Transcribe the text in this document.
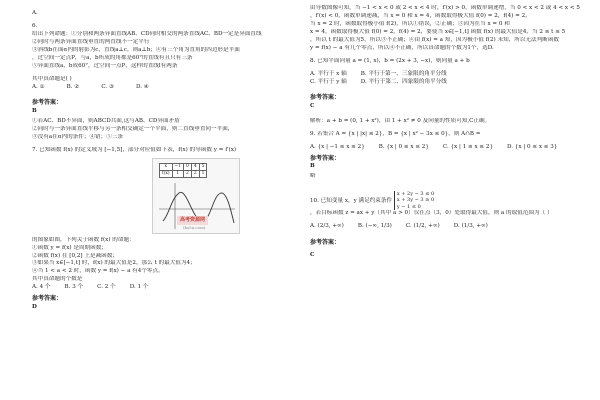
A.
6.
给出下列命题：①分别和两条异面直线AB、CD同时相交的两条直线AC、BD一定是异面直线
②同时与两条异面直线垂直的两直线不一定平行
③斜线b在面α内的射影为c，直线a⊥c，则a⊥b；④有三个角为直角的四边形是平面
，过空间一定点P，与a，b所成的角都是60°的直线有且只有三条
⑤异面直线a，b成60°，过空间一点P，这样的直线l有两条
其中真命题是( )
A. ①	B. ②	C. ③	D. ④
参考答案：
B
①若AC、BD不异面，则ABCD共面,这与AB、CD异面矛盾
②同时与一条异面直线平移与另一条相交确定一个平面，则二直线垂直同一平面，
③没有a在α内的条件；④错；⑤三条
7. 已知函数 f(x) 的定义域为 [−1,5]，部分对应值如下表，f(x) 的导函数 y = f′(x)
x	−1	0	4	5
f(x)	1	2	2	1
高考资源网
(ks5u.com)
的图象如图，下列关于函数 f(x) 的命题：
①函数 y = f(x) 是周期函数；
②函数 f(x) 在 [0,2] 上是减函数；
③如果当 x∈[−1,t] 时，f(x) 的最大值是2，那么 t 的最大值为4；
④当 1 < a < 2 时，函数 y = f(x) − a 有4个零点。
其中真命题的个数是
A. 4 个	B. 3 个	C. 2 个	D. 1 个
参考答案：
D
由导数图像可知，当 −1 < x < 0 或 2 < x < 4 时，f′(x) > 0，函数单调递增，当 0 < x < 2 或 4 < x < 5
，f′(x) < 0，函数单调递减，当 x = 0 和 x = 4，函数取得极大值 f(0) = 2，f(4) = 2，
当 x = 2 时，函数取得极小值 f(2)，所以①错误，②正确；③因为在当 x = 0 和
x = 4，函数取得极大值 f(0) = 2，f(4) = 2，要使当 x∈[−1,t] 函数 f(x) 的最大值是4，当 2 ≤ t ≤ 5
，所以 t 的最大值为5，所以③不正确；④由 f(x) = a 知，因为极小值 f(2) 未知，所以无法判断函数
y = f(x) − a 有几个零点，所以④不正确，所以真命题的个数为1个，选D.
8. 已知平面向量 a = (1, x)，b = (2x + 3, −x)，则向量 a + b
A. 平行于 x 轴	B. 平行于第一、三象限的角平分线
C. 平行于 y 轴	D. 平行于第二、四象限的角平分线
参考答案：
C
解析：a + b = (0, 1 + x²)，由 1 + x² ≠ 0 及向量的性质可知,C正确。
9. 若集合 A = {x | |x| ≤ 2}，B = {x | x² − 3x ≤ 0}，则 A∩B =
A. {x | −1 ≤ x ≤ 2}	B. {x | 0 ≤ x ≤ 2}	C. {x | 1 ≤ x ≤ 2}	D. {x | 0 ≤ x ≤ 3}
参考答案：
B
略
10. 已知变量 x，y 满足约束条件
x + 2y − 3 ≤ 0
x + 3y − 3 ≥ 0
y − 1 ≤ 0
，若目标函数 z = ax + y（其中 a > 0）仅在点（3，0）处取得最大值，则 a 的取值范围为（ ）
A. (2/3, +∞)	B. (−∞, 1/3)	C. (1/2, +∞)	D. (1/3, +∞)
参考答案：
C
